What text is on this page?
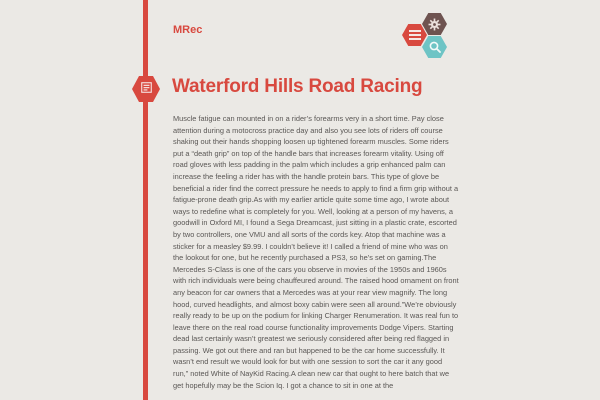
MRec
Waterford Hills Road Racing

Muscle fatigue can mounted in on a rider’s forearms very in a short time. Pay close attention during a motocross practice day and also you see lots of riders off course shaking out their hands shopping loosen up tightened forearm muscles. Some riders put a “death grip” on top of the handle bars that increases forearm vitality. Using off road gloves with less padding in the palm which includes a grip enhanced palm can increase the feeling a rider has with the handle protein bars. This type of glove be beneficial a rider find the correct pressure he needs to apply to find a firm grip without a fatigue-prone death grip.As with my earlier article quite some time ago, I wrote about ways to redefine what is completely for you. Well, looking at a person of my havens, a goodwill in Oxford MI, I found a Sega Dreamcast, just sitting in a plastic crate, escorted by two controllers, one VMU and all sorts of the cords key. Atop that machine was a sticker for a measley $9.99. I couldn’t believe it! I called a friend of mine who was on the lookout for one, but he recently purchased a PS3, so he’s set on gaming.The Mercedes S-Class is one of the cars you observe in movies of the 1950s and 1960s with rich individuals were being chauffeured around. The raised hood ornament on front any beacon for car owners that a Mercedes was at your rear view magnify. The long hood, curved headlights, and almost boxy cabin were seen all around.”We’re obviously really ready to be up on the podium for linking Charger Renumeration. It was real fun to leave there on the real road course functionality improvements Dodge Vipers. Starting dead last certainly wasn’t greatest we seriously considered after being red flagged in passing. We got out there and ran but happened to be the car home successfully. It wasn’t end result we would look for but with one session to sort the car it any good run,” noted White of NayKid Racing.A clean new car that ought to here batch that we get hopefully may be the Scion Iq. I got a chance to sit in one at the
